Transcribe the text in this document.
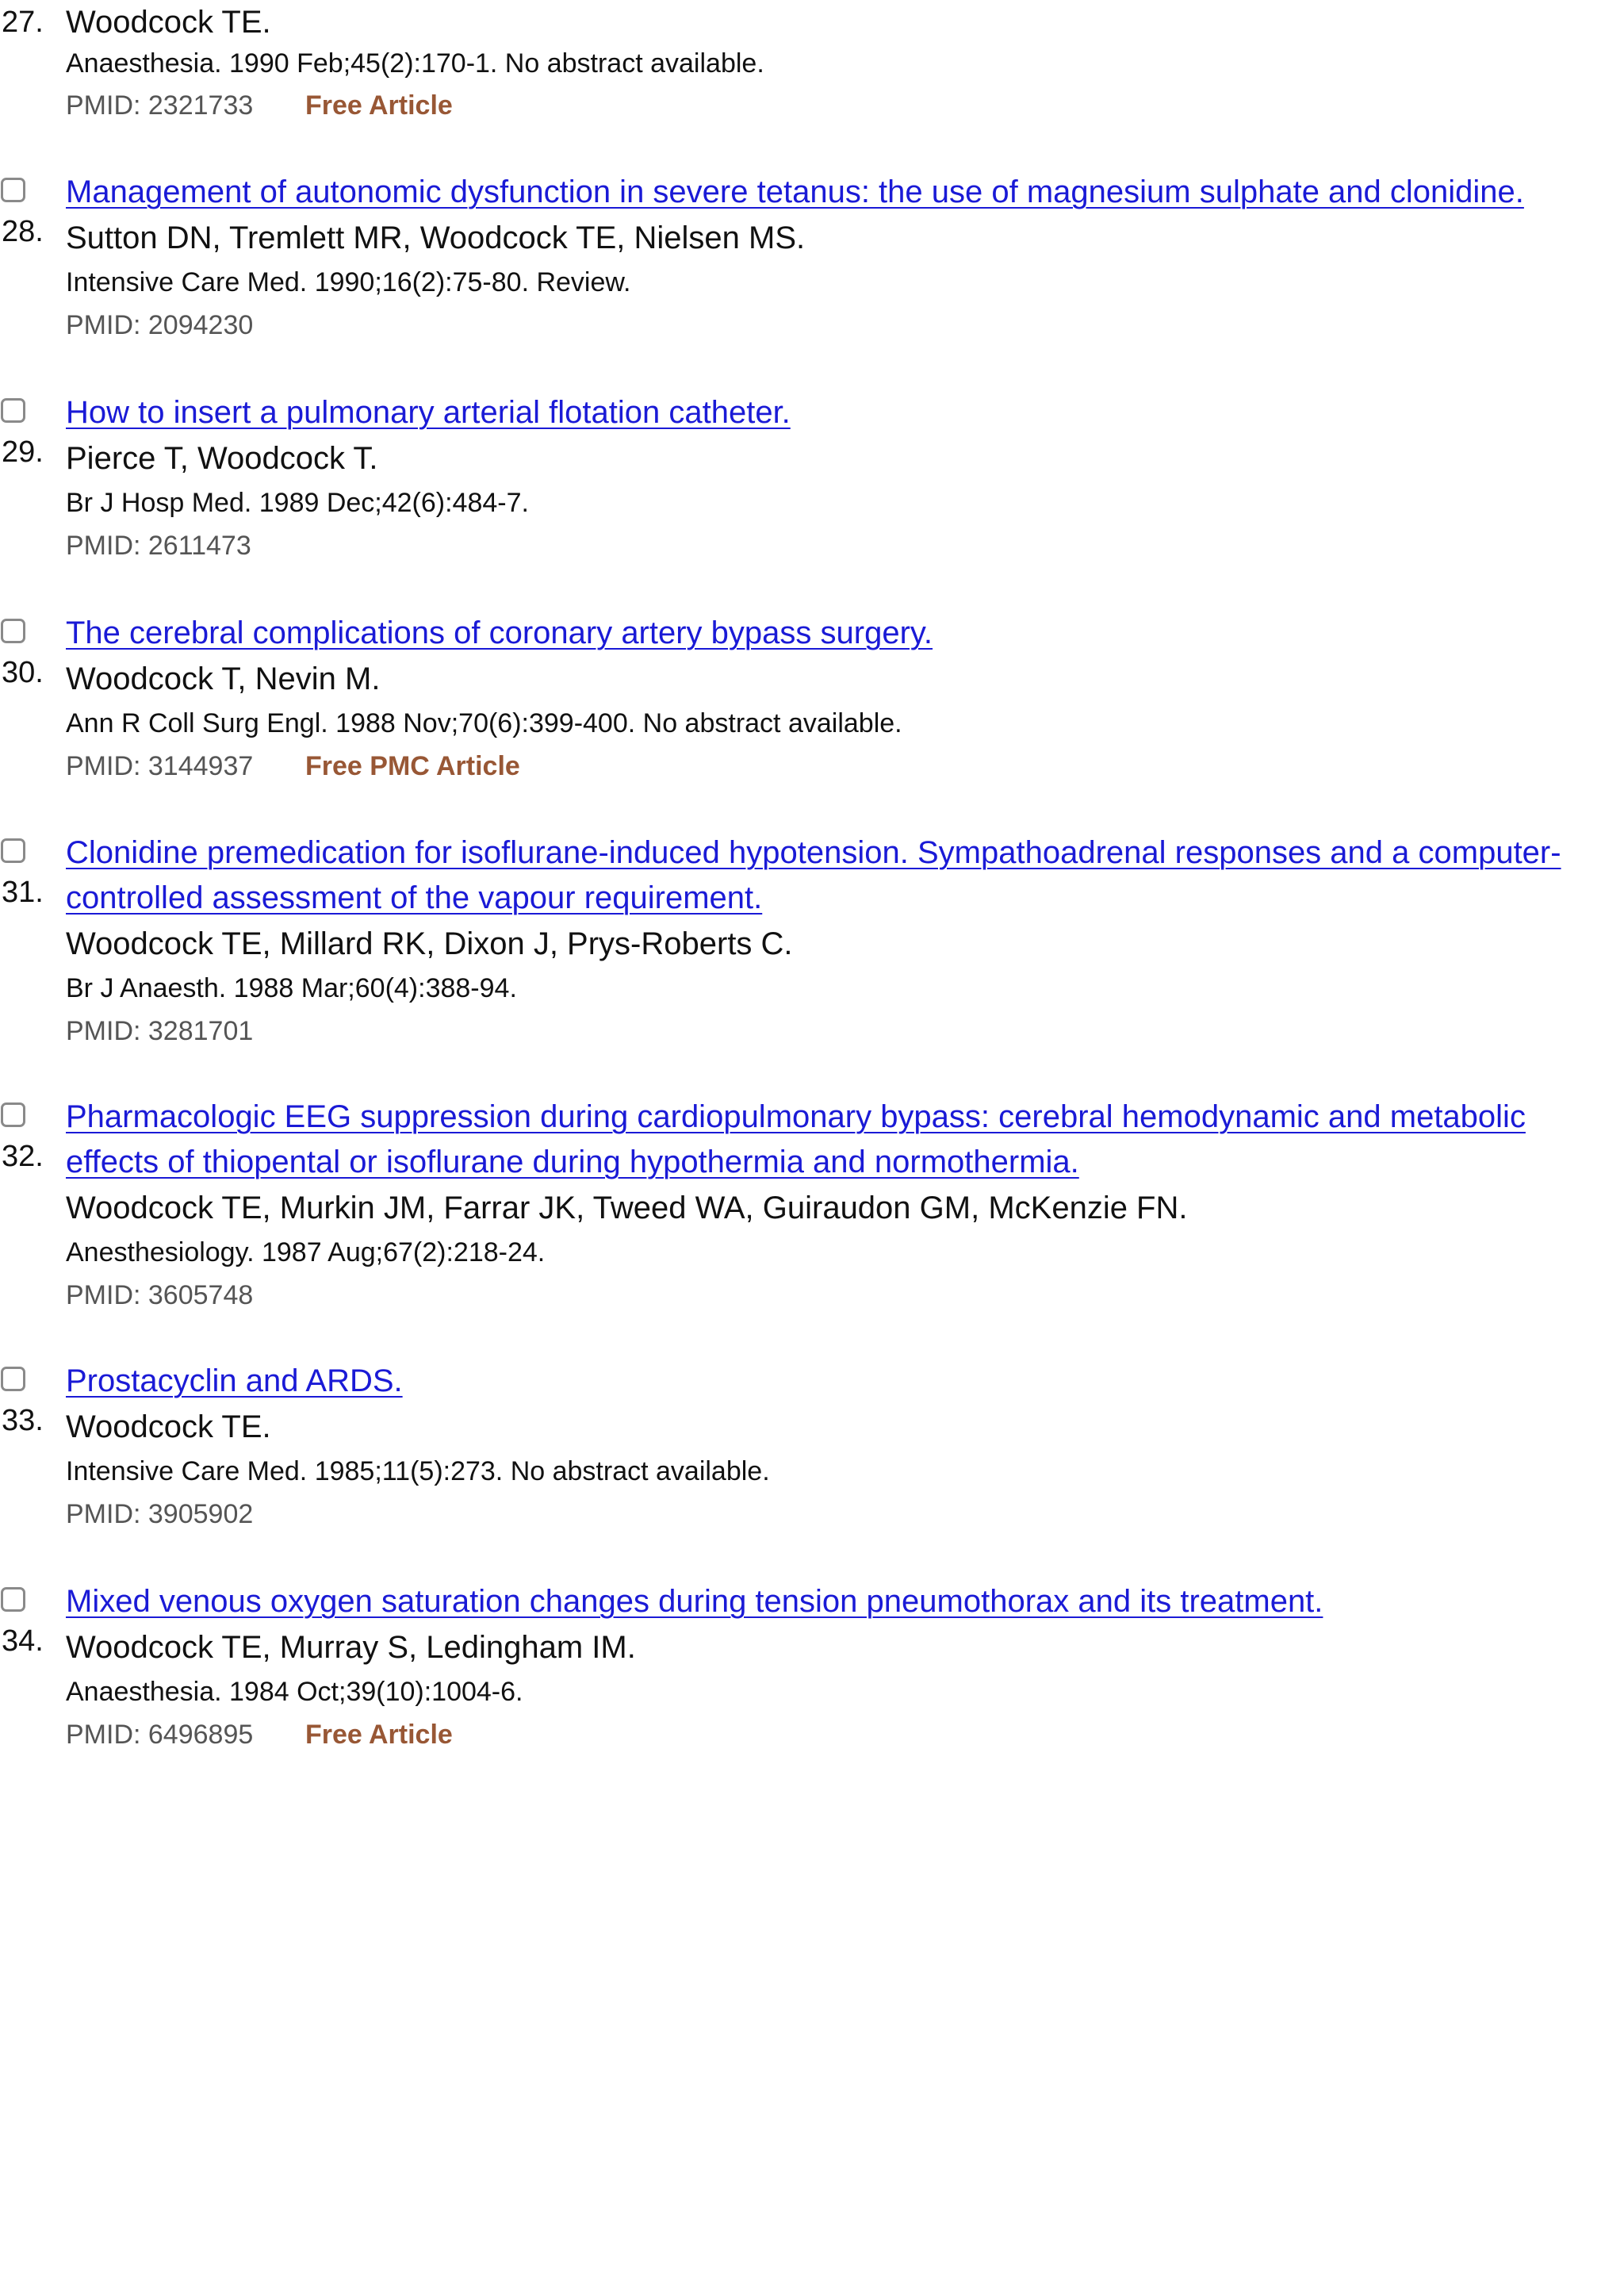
27. Woodcock TE.
Anaesthesia. 1990 Feb;45(2):170-1. No abstract available.
PMID: 2321733 Free Article
Management of autonomic dysfunction in severe tetanus: the use of magnesium sulphate and clonidine.
28. Sutton DN, Tremlett MR, Woodcock TE, Nielsen MS.
Intensive Care Med. 1990;16(2):75-80. Review.
PMID: 2094230
How to insert a pulmonary arterial flotation catheter.
29. Pierce T, Woodcock T.
Br J Hosp Med. 1989 Dec;42(6):484-7.
PMID: 2611473
The cerebral complications of coronary artery bypass surgery.
30. Woodcock T, Nevin M.
Ann R Coll Surg Engl. 1988 Nov;70(6):399-400. No abstract available.
PMID: 3144937 Free PMC Article
Clonidine premedication for isoflurane-induced hypotension. Sympathoadrenal responses and a computer-controlled assessment of the vapour requirement.
31.
Woodcock TE, Millard RK, Dixon J, Prys-Roberts C.
Br J Anaesth. 1988 Mar;60(4):388-94.
PMID: 3281701
Pharmacologic EEG suppression during cardiopulmonary bypass: cerebral hemodynamic and metabolic effects of thiopental or isoflurane during hypothermia and normothermia.
32.
Woodcock TE, Murkin JM, Farrar JK, Tweed WA, Guiraudon GM, McKenzie FN.
Anesthesiology. 1987 Aug;67(2):218-24.
PMID: 3605748
Prostacyclin and ARDS.
33. Woodcock TE.
Intensive Care Med. 1985;11(5):273. No abstract available.
PMID: 3905902
Mixed venous oxygen saturation changes during tension pneumothorax and its treatment.
34. Woodcock TE, Murray S, Ledingham IM.
Anaesthesia. 1984 Oct;39(10):1004-6.
PMID: 6496895 Free Article
